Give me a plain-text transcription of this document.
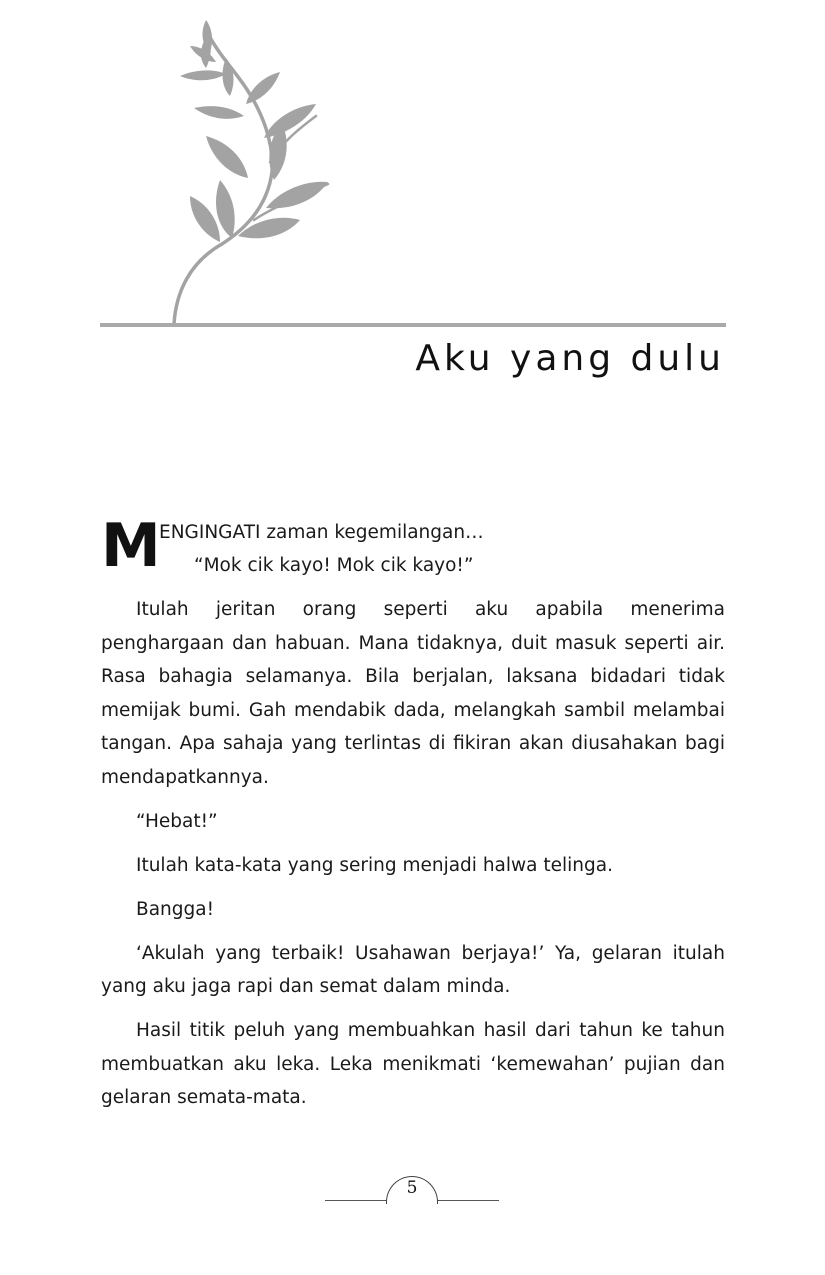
Aku yang dulu
M ENGINGATI zaman kegemilangan…
“Mok cik kayo! Mok cik kayo!”

Itulah jeritan orang seperti aku apabila menerima penghargaan dan habuan. Mana tidaknya, duit masuk seperti air. Rasa bahagia selamanya. Bila berjalan, laksana bidadari tidak memijak bumi. Gah mendabik dada, melangkah sambil melambai tangan. Apa sahaja yang terlintas di fikiran akan diusahakan bagi mendapatkannya.

“Hebat!”

Itulah kata-kata yang sering menjadi halwa telinga.

Bangga!

‘Akulah yang terbaik! Usahawan berjaya!’ Ya, gelaran itulah yang aku jaga rapi dan semat dalam minda.

Hasil titik peluh yang membuahkan hasil dari tahun ke tahun membuatkan aku leka. Leka menikmati ‘kemewahan’ pujian dan gelaran semata-mata.

5
